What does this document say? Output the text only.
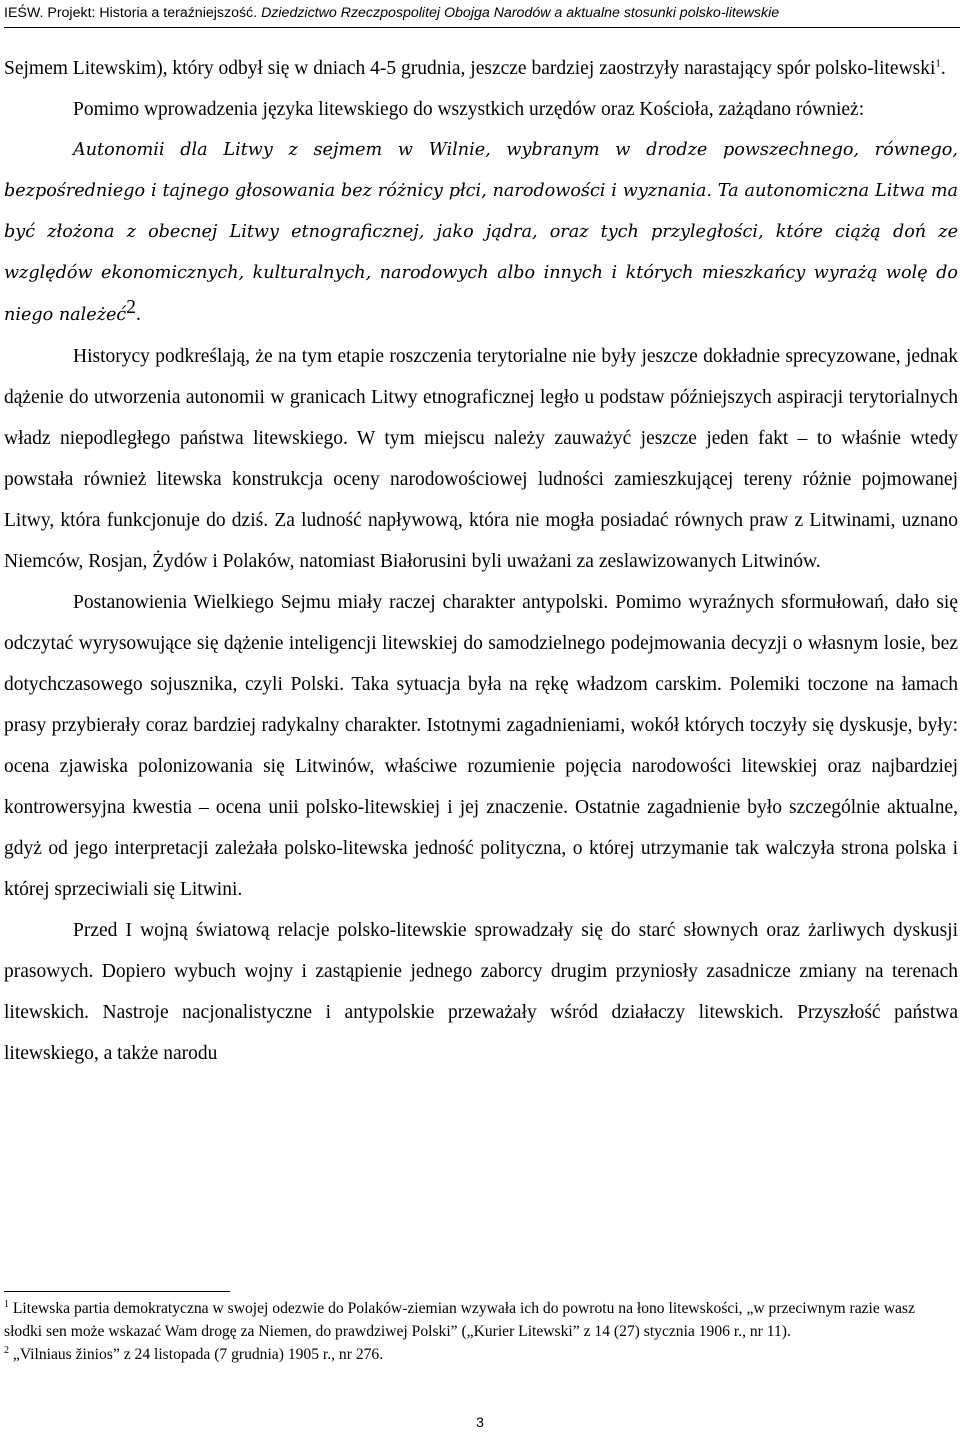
IEŚW. Projekt: Historia a teraźniejszość. Dziedzictwo Rzeczpospolitej Obojga Narodów a aktualne stosunki polsko-litewskie

Sejmem Litewskim), który odbył się w dniach 4-5 grudnia, jeszcze bardziej zaostrzyły narastający spór polsko-litewski$^1$.

Pomimo wprowadzenia języka litewskiego do wszystkich urzędów oraz Kościoła, zażądano również:

Autonomii dla Litwy z sejmem w Wilnie, wybranym w drodze powszechnego, równego, bezpośredniego i tajnego głosowania bez różnicy płci, narodowości i wyznania. Ta autonomiczna Litwa ma być złożona z obecnej Litwy etnograficznej, jako jądra, oraz tych przyległości, które ciążą doń ze względów ekonomicznych, kulturalnych, narodowych albo innych i których mieszkańcy wyrażą wolę do niego należeć$^2$.

Historycy podkreślają, że na tym etapie roszczenia terytorialne nie były jeszcze dokładnie sprecyzowane, jednak dążenie do utworzenia autonomii w granicach Litwy etnograficznej legło u podstaw późniejszych aspiracji terytorialnych władz niepodległego państwa litewskiego. W tym miejscu należy zauważyć jeszcze jeden fakt – to właśnie wtedy powstała również litewska konstrukcja oceny narodowościowej ludności zamieszkującej tereny różnie pojmowanej Litwy, która funkcjonuje do dziś. Za ludność napływową, która nie mogła posiadać równych praw z Litwinami, uznano Niemców, Rosjan, Żydów i Polaków, natomiast Białorusini byli uważani za zeslawizowanych Litwinów.

Postanowienia Wielkiego Sejmu miały raczej charakter antypolski. Pomimo wyraźnych sformułowań, dało się odczytać wyrysowujące się dążenie inteligencji litewskiej do samodzielnego podejmowania decyzji o własnym losie, bez dotychczasowego sojusznika, czyli Polski. Taka sytuacja była na rękę władzom carskim. Polemiki toczone na łamach prasy przybierały coraz bardziej radykalny charakter. Istotnymi zagadnieniami, wokół których toczyły się dyskusje, były: ocena zjawiska polonizowania się Litwinów, właściwe rozumienie pojęcia narodowości litewskiej oraz najbardziej kontrowersyjna kwestia – ocena unii polsko-litewskiej i jej znaczenie. Ostatnie zagadnienie było szczególnie aktualne, gdyż od jego interpretacji zależała polsko-litewska jedność polityczna, o której utrzymanie tak walczyła strona polska i której sprzeciwiali się Litwini.

Przed I wojną światową relacje polsko-litewskie sprowadzały się do starć słownych oraz żarliwych dyskusji prasowych. Dopiero wybuch wojny i zastąpienie jednego zaborcy drugim przyniosły zasadnicze zmiany na terenach litewskich. Nastroje nacjonalistyczne i antypolskie przeważały wśród działaczy litewskich. Przyszłość państwa litewskiego, a także narodu

$^1$ Litewska partia demokratyczna w swojej odezwie do Polaków-ziemian wzywała ich do powrotu na łono litewskości, „w przeciwnym razie wasz słodki sen może wskazać Wam drogę za Niemen, do prawdziwej Polski” („Kurier Litewski” z 14 (27) stycznia 1906 r., nr 11).

$^2$ „Vilniaus žinios” z 24 listopada (7 grudnia) 1905 r., nr 276.

3
